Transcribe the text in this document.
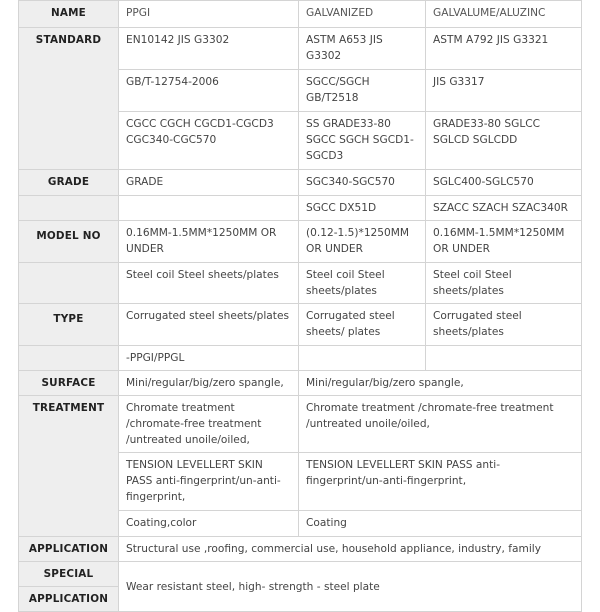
NAME	PPGI	GALVANIZED	GALVALUME/ALUZINC
STANDARD	EN10142 JIS G3302	ASTM A653 JIS G3302	ASTM A792 JIS G3321
	GB/T-12754-2006	SGCC/SGCH GB/T2518	JIS G3317
	CGCC CGCH CGCD1-CGCD3 CGC340-CGC570	SS GRADE33-80 SGCC SGCH SGCD1-SGCD3	GRADE33-80 SGLCC SGLCD SGLCDD
GRADE	GRADE	SGC340-SGC570	SGLC400-SGLC570
		SGCC DX51D	SZACC SZACH SZAC340R
MODEL NO	0.16MM-1.5MM*1250MM OR UNDER	(0.12-1.5)*1250MM OR UNDER	0.16MM-1.5MM*1250MM OR UNDER
	Steel coil Steel sheets/plates	Steel coil Steel sheets/plates	Steel coil Steel sheets/plates
TYPE	Corrugated steel sheets/plates	Corrugated steel sheets/ plates	Corrugated steel sheets/plates
	-PPGI/PPGL		
SURFACE	Mini/regular/big/zero spangle,	Mini/regular/big/zero spangle,	
TREATMENT	Chromate treatment /chromate-free treatment /untreated unoile/oiled,	Chromate treatment /chromate-free treatment /untreated unoile/oiled,	
	TENSION LEVELLERT SKIN PASS anti-fingerprint/un-anti-fingerprint,	TENSION LEVELLERT SKIN PASS anti-fingerprint/un-anti-fingerprint,	
	Coating,color	Coating	
APPLICATION	Structural use ,roofing, commercial use, household appliance, industry, family		
SPECIAL	Wear resistant steel, high- strength - steel plate		
APPLICATION			
